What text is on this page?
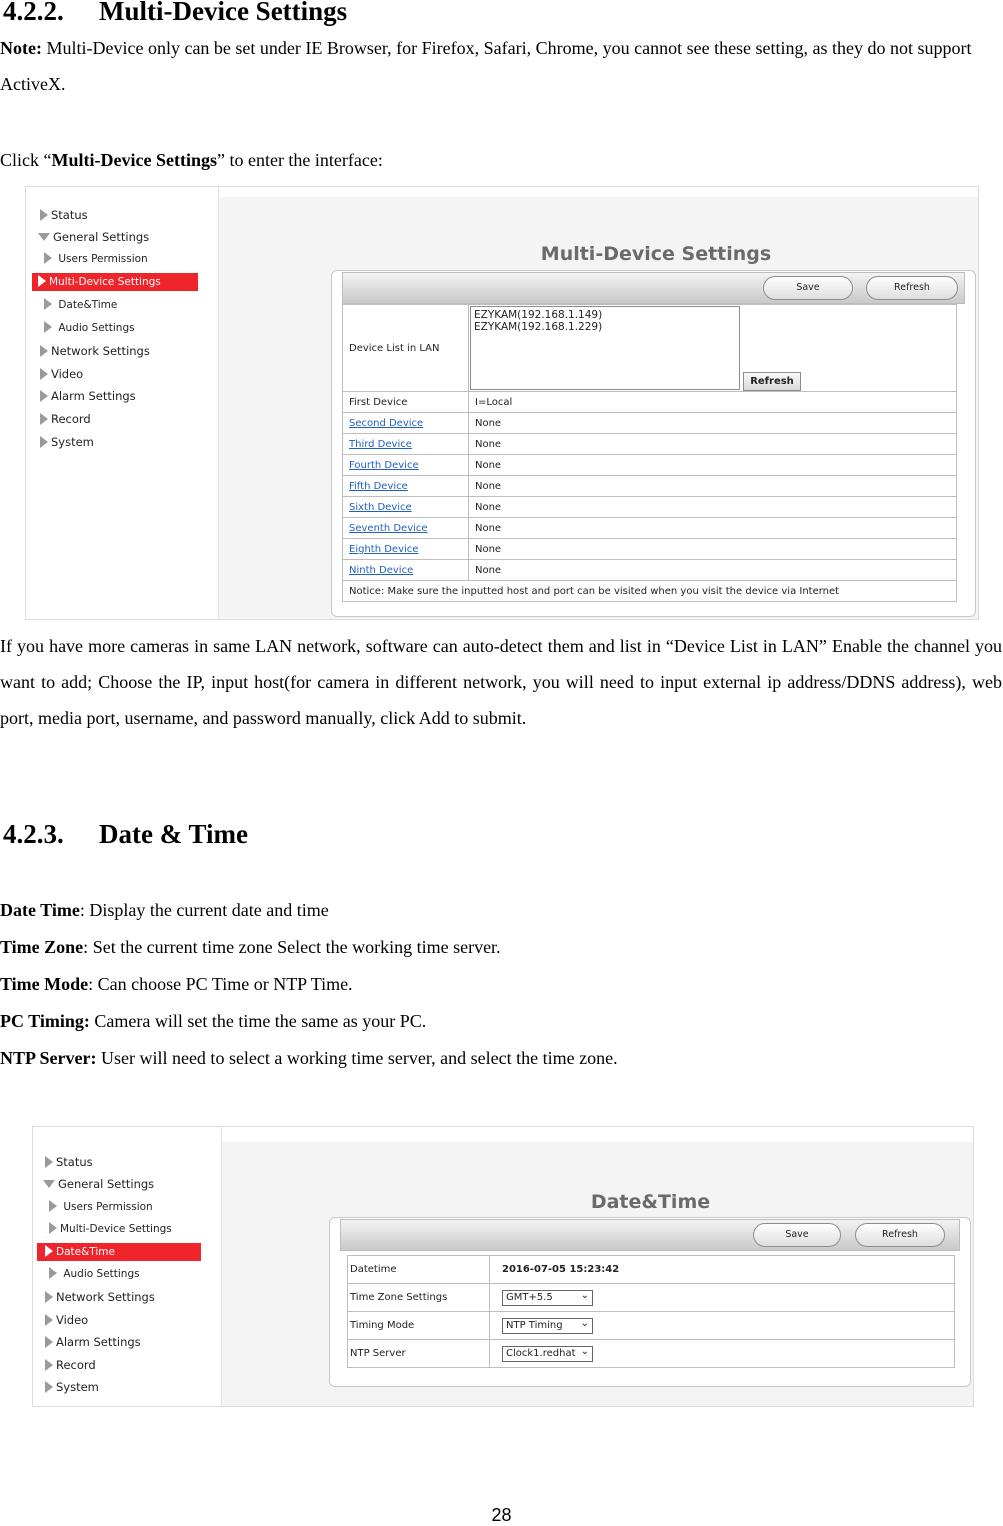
4.2.2. Multi-Device Settings

Note: Multi-Device only can be set under IE Browser, for Firefox, Safari, Chrome, you cannot see these setting, as they do not support ActiveX.

Click “Multi-Device Settings” to enter the interface:

Status
General Settings
Users Permission
Multi-Device Settings
Date&Time
Audio Settings
Network Settings
Video
Alarm Settings
Record
System
Multi-Device Settings
Save	Refresh
Device List in LAN	EZYKAM(192.168.1.149)
EZYKAM(192.168.1.229)
Refresh

First Device	I=Local
Second Device	None
Third Device	None
Fourth Device	None
Fifth Device	None
Sixth Device	None
Seventh Device	None
Eighth Device	None
Ninth Device	None
Notice: Make sure the inputted host and port can be visited when you visit the device via Internet	

If you have more cameras in same LAN network, software can auto-detect them and list in “Device List in LAN” Enable the channel you want to add; Choose the IP, input host(for camera in different network, you will need to input external ip address/DDNS address), web port, media port, username, and password manually, click Add to submit.

4.2.3. Date & Time

Date Time: Display the current date and time

Time Zone: Set the current time zone Select the working time server.

Time Mode: Can choose PC Time or NTP Time.

PC Timing: Camera will set the time the same as your PC.

NTP Server: User will need to select a working time server, and select the time zone.

Status
General Settings
Users Permission
Multi-Device Settings
Date&Time
Audio Settings
Network Settings
Video
Alarm Settings
Record
System
Date&Time
Save	Refresh
Datetime	2016-07-05 15:23:42
Time Zone Settings	GMT+5.5 ⌄

Timing Mode	NTP Timing ⌄

NTP Server	Clock1.redhat ⌄
28
